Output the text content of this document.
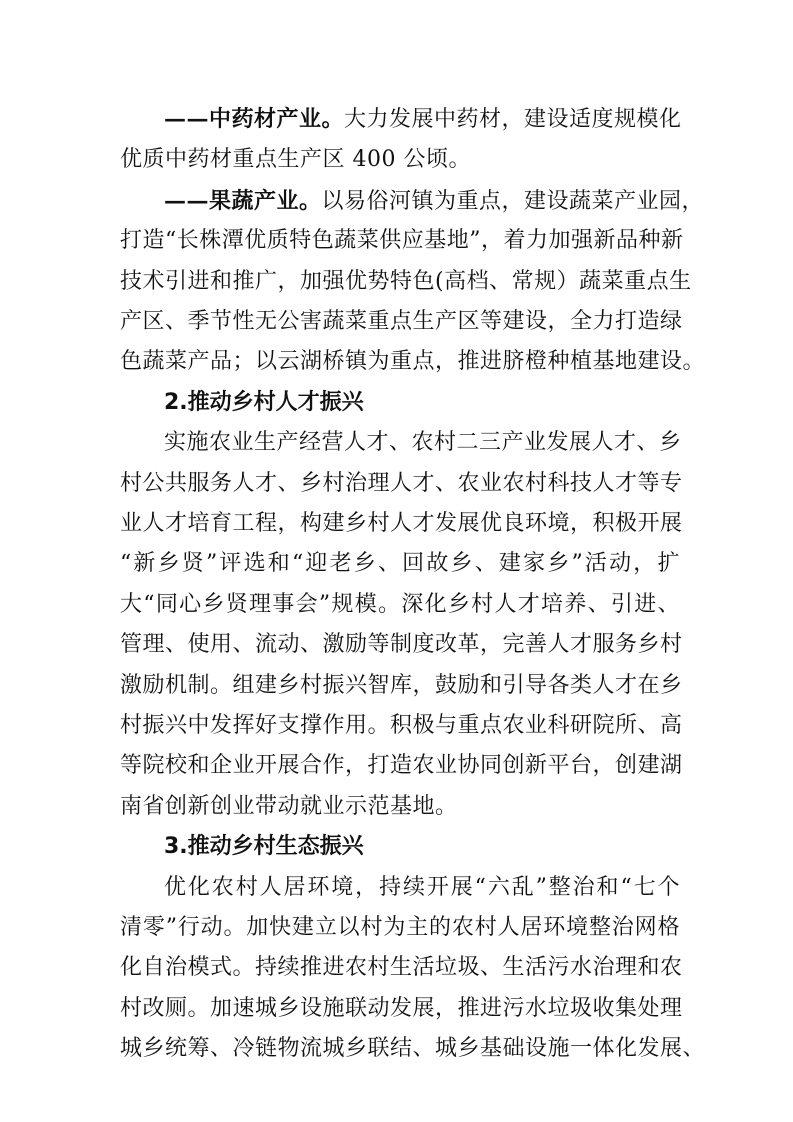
——中药材产业。大力发展中药材，建设适度规模化
优质中药材重点生产区 400 公顷。
——果蔬产业。以易俗河镇为重点，建设蔬菜产业园，
打造“长株潭优质特色蔬菜供应基地”，着力加强新品种新
技术引进和推广，加强优势特色(高档、常规）蔬菜重点生
产区、季节性无公害蔬菜重点生产区等建设，全力打造绿
色蔬菜产品；以云湖桥镇为重点，推进脐橙种植基地建设。
2.推动乡村人才振兴
实施农业生产经营人才、农村二三产业发展人才、乡
村公共服务人才、乡村治理人才、农业农村科技人才等专
业人才培育工程，构建乡村人才发展优良环境，积极开展
“新乡贤”评选和“迎老乡、回故乡、建家乡”活动，扩
大“同心乡贤理事会”规模。深化乡村人才培养、引进、
管理、使用、流动、激励等制度改革，完善人才服务乡村
激励机制。组建乡村振兴智库，鼓励和引导各类人才在乡
村振兴中发挥好支撑作用。积极与重点农业科研院所、高
等院校和企业开展合作，打造农业协同创新平台，创建湖
南省创新创业带动就业示范基地。
3.推动乡村生态振兴
优化农村人居环境，持续开展“六乱”整治和“七个
清零”行动。加快建立以村为主的农村人居环境整治网格
化自治模式。持续推进农村生活垃圾、生活污水治理和农
村改厕。加速城乡设施联动发展，推进污水垃圾收集处理
城乡统筹、冷链物流城乡联结、城乡基础设施一体化发展、
